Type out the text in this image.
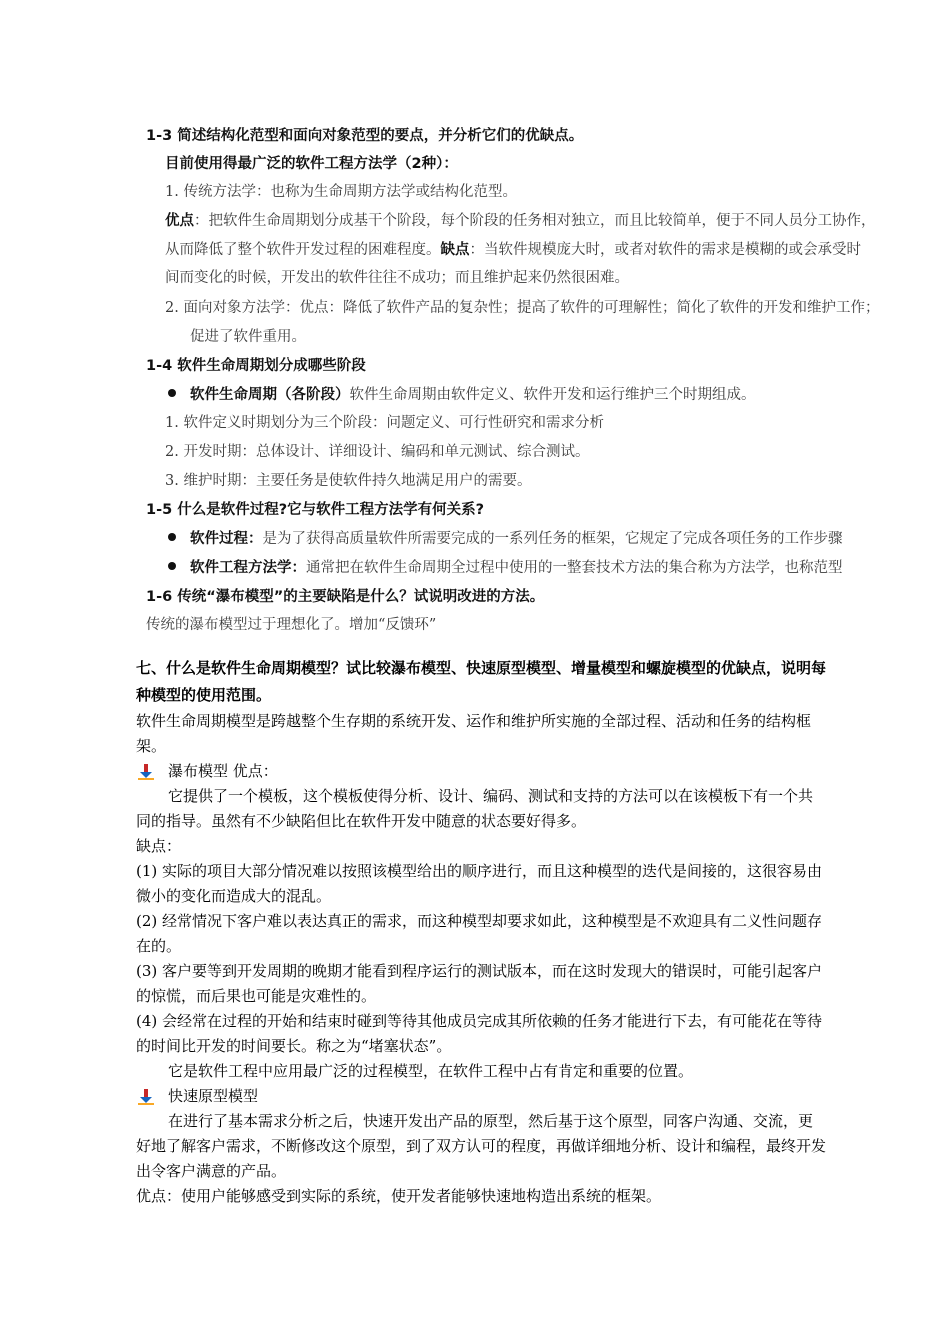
1-3 简述结构化范型和面向对象范型的要点，并分析它们的优缺点。
目前使用得最广泛的软件工程方法学（2种）：
1. 传统方法学：也称为生命周期方法学或结构化范型。
优点：把软件生命周期划分成基干个阶段，每个阶段的任务相对独立，而且比较简单，便于不同人员分工协作，
从而降低了整个软件开发过程的困难程度。缺点：当软件规模庞大时，或者对软件的需求是模糊的或会承受时
间而变化的时候，开发出的软件往往不成功；而且维护起来仍然很困难。
2. 面向对象方法学：优点：降低了软件产品的复杂性；提高了软件的可理解性；简化了软件的开发和维护工作；
促进了软件重用。
1-4 软件生命周期划分成哪些阶段
软件生命周期（各阶段）软件生命周期由软件定义、软件开发和运行维护三个时期组成。
1. 软件定义时期划分为三个阶段：问题定义、可行性研究和需求分析
2. 开发时期：总体设计、详细设计、编码和单元测试、综合测试。
3. 维护时期：主要任务是使软件持久地满足用户的需要。
1-5 什么是软件过程?它与软件工程方法学有何关系?
软件过程：是为了获得高质量软件所需要完成的一系列任务的框架，它规定了完成各项任务的工作步骤
软件工程方法学：通常把在软件生命周期全过程中使用的一整套技术方法的集合称为方法学，也称范型
1-6 传统“瀑布模型”的主要缺陷是什么？试说明改进的方法。
传统的瀑布模型过于理想化了。增加“反馈环”

七、什么是软件生命周期模型？试比较瀑布模型、快速原型模型、增量模型和螺旋模型的优缺点，说明每种模型的使用范围。

软件生命周期模型是跨越整个生存期的系统开发、运作和维护所实施的全部过程、活动和任务的结构框架。

瀑布模型 优点：

它提供了一个模板，这个模板使得分析、设计、编码、测试和支持的方法可以在该模板下有一个共同的指导。虽然有不少缺陷但比在软件开发中随意的状态要好得多。

缺点：

(1) 实际的项目大部分情况难以按照该模型给出的顺序进行，而且这种模型的迭代是间接的，这很容易由微小的变化而造成大的混乱。

(2) 经常情况下客户难以表达真正的需求，而这种模型却要求如此，这种模型是不欢迎具有二义性问题存在的。

(3) 客户要等到开发周期的晚期才能看到程序运行的测试版本，而在这时发现大的错误时，可能引起客户的惊慌，而后果也可能是灾难性的。

(4) 会经常在过程的开始和结束时碰到等待其他成员完成其所依赖的任务才能进行下去，有可能花在等待的时间比开发的时间要长。称之为“堵塞状态”。

它是软件工程中应用最广泛的过程模型，在软件工程中占有肯定和重要的位置。

快速原型模型

在进行了基本需求分析之后，快速开发出产品的原型，然后基于这个原型，同客户沟通、交流，更好地了解客户需求，不断修改这个原型，到了双方认可的程度，再做详细地分析、设计和编程，最终开发出令客户满意的产品。

优点：使用户能够感受到实际的系统，使开发者能够快速地构造出系统的框架。
